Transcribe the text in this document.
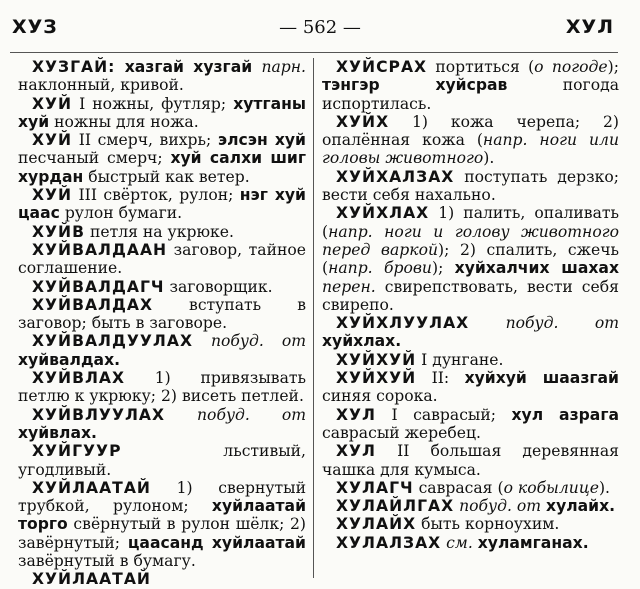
ХУЗ	— 562 —	ХУЛ

ХУЗГАЙ: хазгай хузгай парн. наклонный, кривой.

ХУЙ I ножны, футляр; хутганы хуй ножны для ножа.

ХУЙ II смерч, вихрь; элсэн хуй песчаный смерч; хуй салхи шиг хурдан быстрый как ветер.

ХУЙ III свёрток, рулон; нэг хуй цаас рулон бумаги.

ХУЙВ петля на укрюке.

ХУЙВАЛДААН заговор, тайное соглашение.

ХУЙВАЛДАГЧ заговорщик.

ХУЙВАЛДАХ вступать в заговор; быть в заговоре.

ХУЙВАЛДУУЛАХ побуд. от хуйвалдах.

ХУЙВЛАХ 1) привязывать петлю к укрюку; 2) висеть петлей.

ХУЙВЛУУЛАХ побуд. от хуйвлах.

ХУЙГУУР льстивый, угодливый.

ХУЙЛААТАЙ 1) свернутый трубкой, рулоном; хуйлаатай торго свёрнутый в рулон шёлк; 2) завёрнутый; цаасанд хуйлаатай завёрнутый в бумагу.

ХУЙЛААТАЙ

ХУЙСРАХ портиться (о погоде); тэнгэр хуйсрав погода испортилась.

ХУЙХ 1) кожа черепа; 2) опалённая кожа (напр. ноги или головы животного).

ХУЙХАЛЗАХ поступать дерзко; вести себя нахально.

ХУЙХЛАХ 1) палить, опаливать (напр. ноги и голову животного перед варкой); 2) спалить, сжечь (напр. брови); хуйхалчих шахах перен. свирепствовать, вести себя свирепо.

ХУЙХЛУУЛАХ побуд. от хуйхлах.

ХУЙХУЙ I дунгане.

ХУЙХУЙ II: хуйхуй шаазгай синяя сорока.

ХУЛ I саврасый; хул азрага саврасый жеребец.

ХУЛ II большая деревянная чашка для кумыса.

ХУЛАГЧ саврасая (о кобылице).

ХУЛАЙЛГАХ побуд. от хулайх.

ХУЛАЙХ быть корноухим.

ХУЛАЛЗАХ см. хуламганах.
